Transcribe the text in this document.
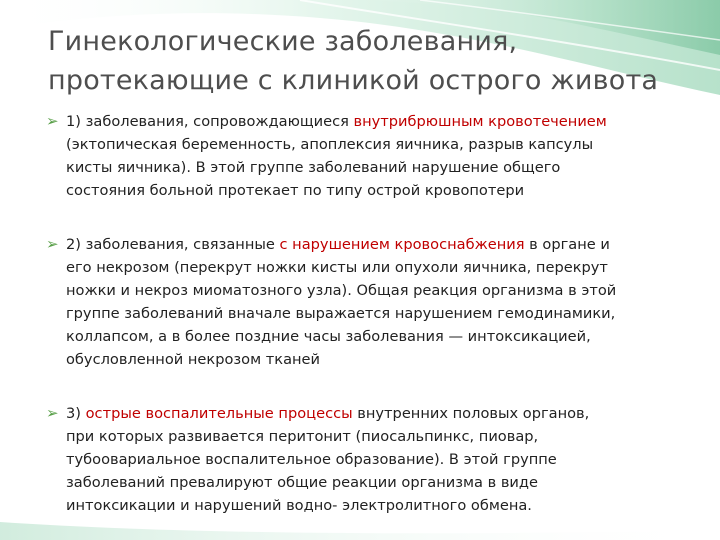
Гинекологические заболевания,
протекающие с клиникой острого живота
➢ 1) заболевания, сопровождающиеся внутрибрюшным кровотечением
(эктопическая беременность, апоплексия яичника, разрыв капсулы
кисты яичника). В этой группе заболеваний нарушение общего
состояния больной протекает по типу острой кровопотери
➢ 2) заболевания, связанные с нарушением кровоснабжения в органе и
его некрозом (перекрут ножки кисты или опухоли яичника, перекрут
ножки и некроз миоматозного узла). Общая реакция организма в этой
группе заболеваний вначале выражается нарушением гемодинамики,
коллапсом, а в более поздние часы заболевания — интоксикацией,
обусловленной некрозом тканей
➢ 3) острые воспалительные процессы внутренних половых органов,
при которых развивается перитонит (пиосальпинкс, пиовар,
тубоовариальное воспалительное образование). В этой группе
заболеваний превалируют общие реакции организма в виде
интоксикации и нарушений водно- электролитного обмена.
